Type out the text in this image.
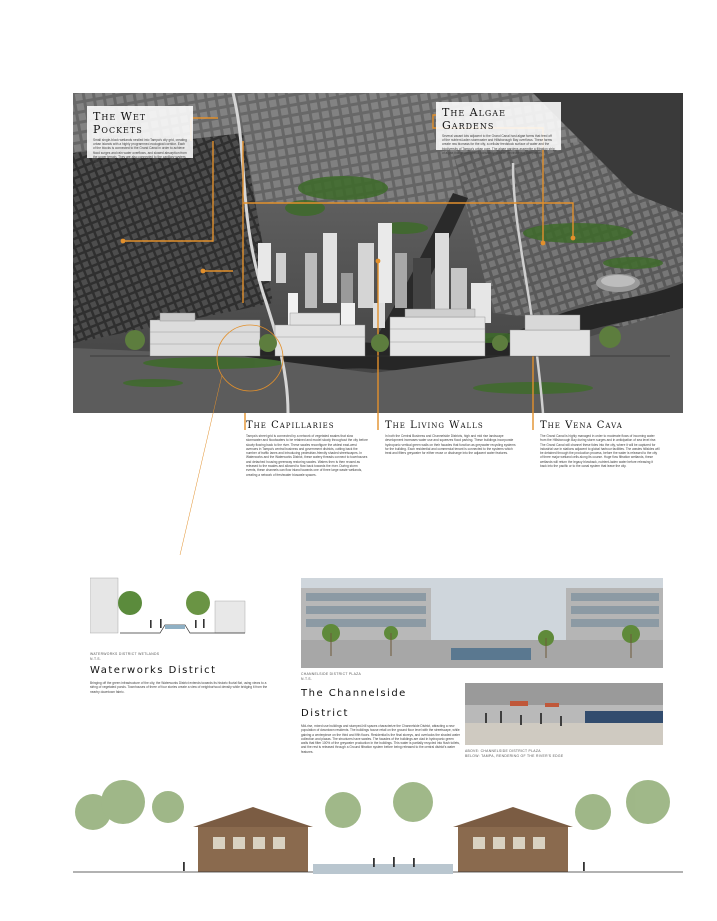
The Wet Pockets

Small single-block wetlands nestled into Tampa's city grid, creating urban islands with a highly programmed ecological corridor. Each of the blocks is connected to the Grand Canal in order to achieve flood surges and rain water overflows, and slowed absorption from the upper terrain. They are also connected to the capillary system, each receiving and releasing water depending on the constructed gradient.

The Algae Gardens

Several vacant lots adjacent to the Grand Canal host algae farms that feed off of the nutrient-laden stormwater and Hillsborough Bay overflows. These farms create raw biomass for the city, a cellular feedstock surface of water and the biodiversity of Tampa's urban core. The algae gardens assemble a filtration strip of algae that growing land, constantly outside, environment completion.

The Capillaries

Tampa's street grid is connected by a network of vegetated swales that slow stormwater and floodwaters to be retained and model slowly throughout the city before slowly flowing back to the river. These swales reconfigure the widest east-west avenues in Tampa's central business and government districts, cutting back the number of traffic lanes and introducing pedestrian-friendly shaded streetscapes. In Waterworks and the Waterworks District, these watery threads connect to townhouses and detached housing greenway restoring swales. Waters then is then reused as released to the swales and allowed to flow back towards the river. During storm events, these channels can flow inland towards one of three large waste wetlands, creating a network of freshwater bioswale spaces.

The Living Walls

In both the Central Business and Channelside Districts, high and mid rise landscape development increases water use and squeezes flood parking. These buildings incorporate hydroponic vertical green walls on their facades that function as greywater recycling systems for the building. Each residential and commercial tenant is connected to the systems which treat and filters greywater for either reuse or discharge into the adjacent water features.

The Vena Cava

The Grand Canal is highly managed in order to moderate flows of incoming water from the Hillsborough Bay during storm surges and in anticipation of sea level rise. The Grand Canal will channel these tides into the city, where it will be captured for industrial use in stations adjacent to global harbour facilities. The wastes hillsides will be detained through the production process, before the water is released to the city of three major wetland cells along its course. Huge flow filtration wetlands, these wetlands will return the legacy blowback, nutrient-laden water before releasing it back into the pacific or to the canal system that leave the city.

WATERWORKS DISTRICT WETLANDS
N.T.S.
Waterworks District

Bringing off the green infrastructure of the city, the Waterworks District extends towards its historic fluvial flat, using views to a string of vegetated ponds. Townhouses of three of four stories create a view of neighborhood density while bridging it from the nearby downtown fabric.

CHANNELSIDE DISTRICT PLAZA
N.T.S.
The Channelside
District

Mid-rise, mixed use buildings and stumped-hill spaces characterize the Channelside District, attracting a new population of downtown residents. The buildings house retail on the ground floor level with the streetscape, while gaining a centerpiece on the third and fifth floors. Residential is the final storeys, and overlooks the shaded water collection and plazas. The structures have swales. The facades of the buildings are clad in hydroponic green walls that filter 100% of the greywater production in the buildings. This water is partially recycled into flush toilets, and the rest is released through a Ground filtration system before being released to the central district's water features.	ABOVE: CHANNELSIDE DISTRICT PLAZA
BELOW: TAMPA, RENDERING OF THE RIVER'S EDGE
